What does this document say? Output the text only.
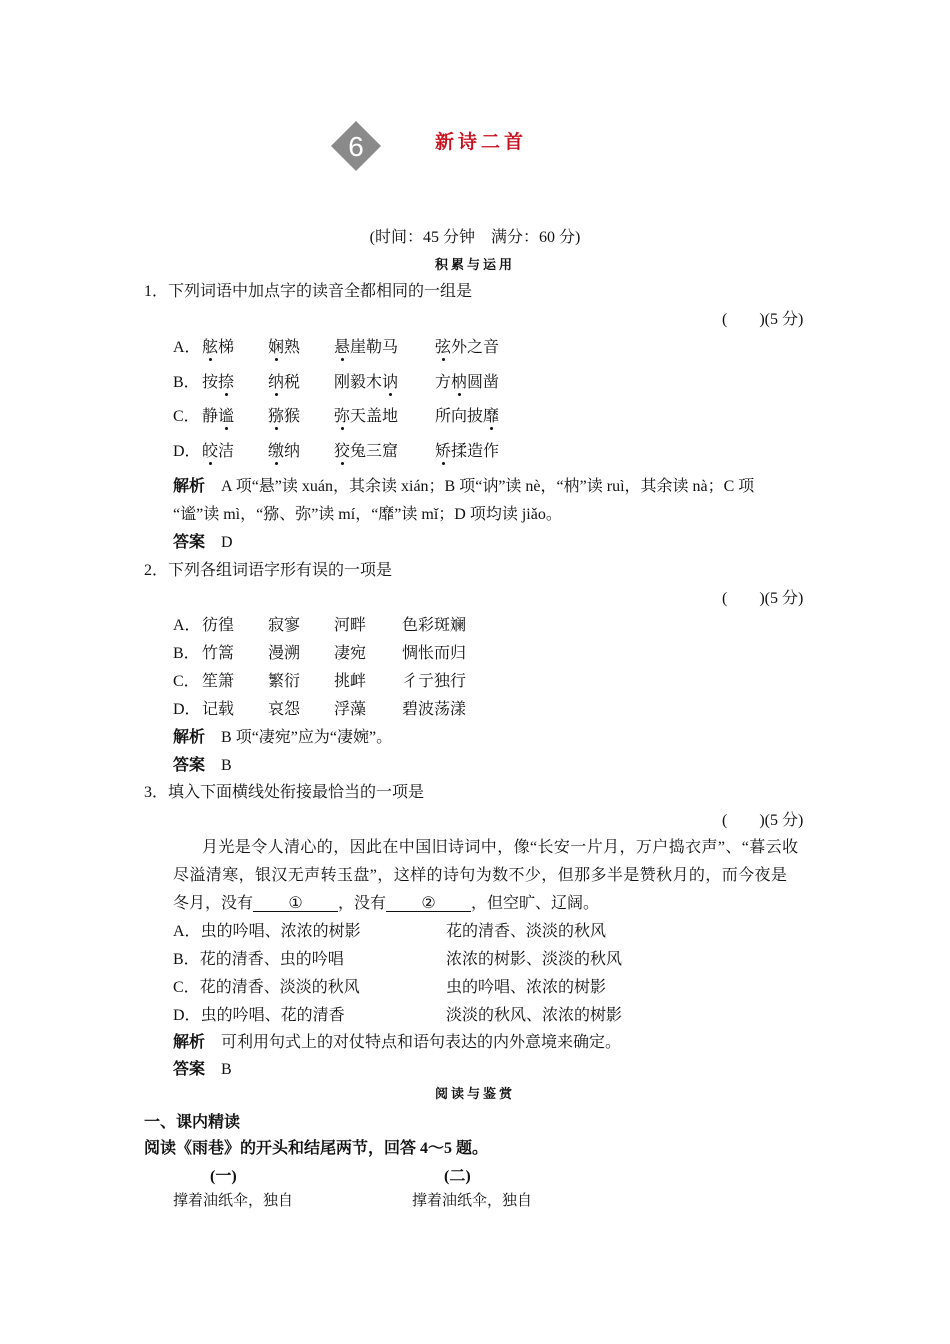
6	新诗二首
(时间：45 分钟　满分：60 分)
积累与运用
1．下列词语中加点字的读音全都相同的一组是
(　　)(5 分)
A． 舷梯 娴熟 悬崖勒马 弦外之音
B． 按捺 纳税 刚毅木讷 方枘圆凿
C． 静谧 猕猴 弥天盖地 所向披靡
D． 皎洁 缴纳 狡兔三窟 矫揉造作
解析　 A 项“悬”读 xuán，其余读 xián；B 项“讷”读 nè，“枘”读 ruì，其余读 nà；C 项
“谧”读 mì，“猕、弥”读 mí，“靡”读 mǐ；D 项均读 jiǎo。
答案　 D
2．下列各组词语字形有误的一项是
(　　)(5 分)
A． 彷徨 寂寥 河畔 色彩斑斓
B． 竹篙 漫溯 凄宛 惆怅而归
C． 笙箫 繁衍 挑衅 彳亍独行
D． 记载 哀怨 浮藻 碧波荡漾
解析　 B 项“凄宛”应为“凄婉”。
答案　 B
3．填入下面横线处衔接最恰当的一项是
(　　)(5 分)
月光是令人清心的，因此在中国旧诗词中，像“长安一片月，万户捣衣声”、“暮云收
尽溢清寒，银汉无声转玉盘”，这样的诗句为数不少，但那多半是赞秋月的，而今夜是
冬月，没有 ① ，没有 ② ，但空旷、辽阔。
A．虫的吟唱、浓浓的树影	花的清香、淡淡的秋风
B．花的清香、虫的吟唱	浓浓的树影、淡淡的秋风
C．花的清香、淡淡的秋风	虫的吟唱、浓浓的树影
D．虫的吟唱、花的清香	淡淡的秋风、浓浓的树影
解析　 可利用句式上的对仗特点和语句表达的内外意境来确定。
答案　 B
阅读与鉴赏
一、课内精读
阅读《雨巷》的开头和结尾两节，回答 4～5 题。
(一)	(二)
撑着油纸伞，独自	撑着油纸伞，独自
